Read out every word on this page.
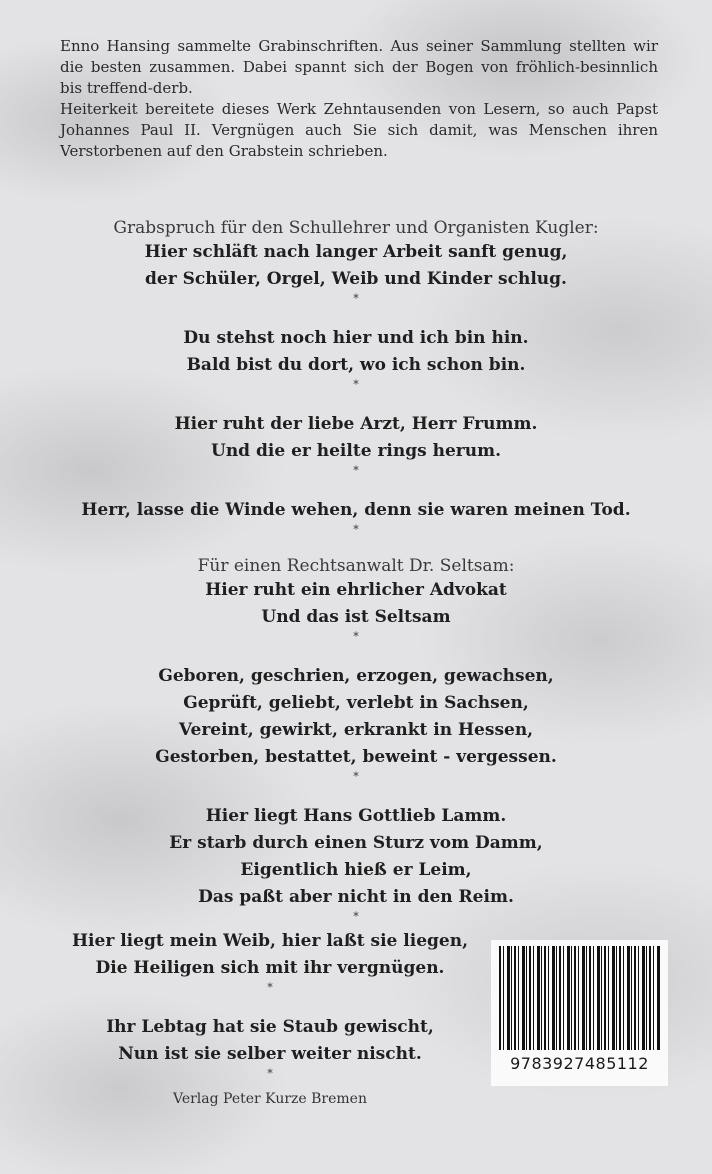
Enno Hansing sammelte Grabinschriften. Aus seiner Sammlung stellten wir die besten zusammen. Dabei spannt sich der Bogen von fröhlich-besinnlich bis treffend-derb.

Heiterkeit bereitete dieses Werk Zehntausenden von Lesern, so auch Papst Johannes Paul II. Vergnügen auch Sie sich damit, was Menschen ihren Verstorbenen auf den Grabstein schrieben.

Grabspruch für den Schullehrer und Organisten Kugler:
Hier schläft nach langer Arbeit sanft genug,
der Schüler, Orgel, Weib und Kinder schlug.
*
Du stehst noch hier und ich bin hin.
Bald bist du dort, wo ich schon bin.
*
Hier ruht der liebe Arzt, Herr Frumm.
Und die er heilte rings herum.
*
Herr, lasse die Winde wehen, denn sie waren meinen Tod.
*
Für einen Rechtsanwalt Dr. Seltsam:
Hier ruht ein ehrlicher Advokat
Und das ist Seltsam
*
Geboren, geschrien, erzogen, gewachsen,
Geprüft, geliebt, verlebt in Sachsen,
Vereint, gewirkt, erkrankt in Hessen,
Gestorben, bestattet, beweint - vergessen.
*
Hier liegt Hans Gottlieb Lamm.
Er starb durch einen Sturz vom Damm,
Eigentlich hieß er Leim,
Das paßt aber nicht in den Reim.
*
Hier liegt mein Weib, hier laßt sie liegen,
Die Heiligen sich mit ihr vergnügen.
*
Ihr Lebtag hat sie Staub gewischt,
Nun ist sie selber weiter nischt.
*
Verlag Peter Kurze Bremen
9783927485112
